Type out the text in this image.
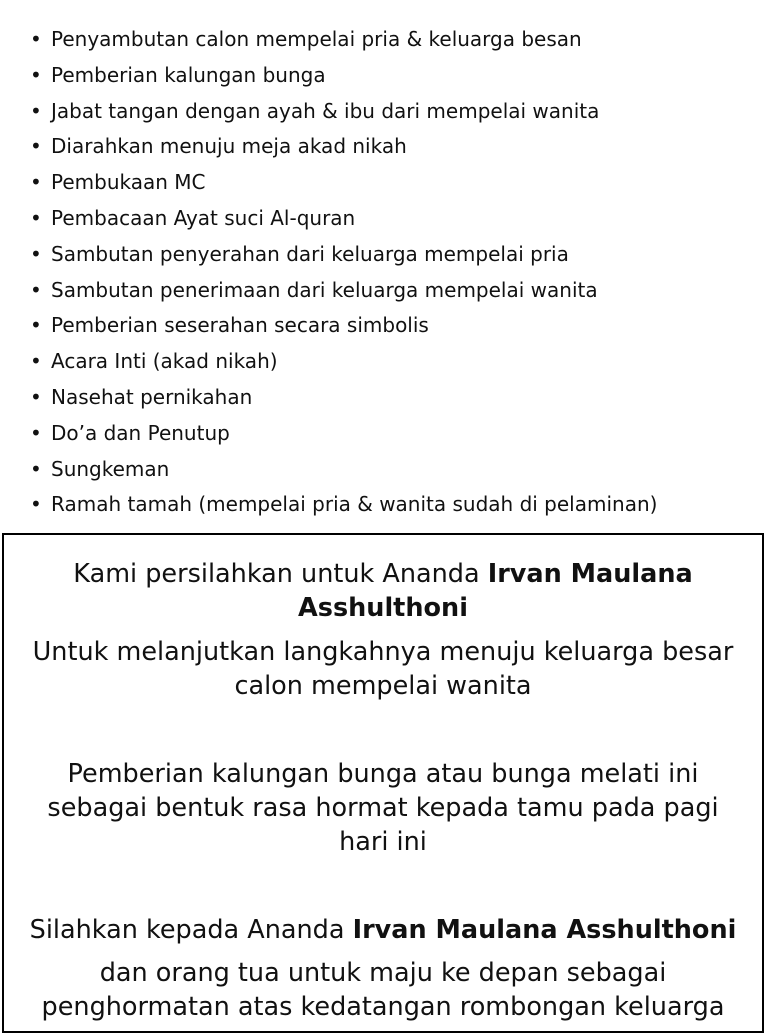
• Penyambutan calon mempelai pria & keluarga besan
• Pemberian kalungan bunga
• Jabat tangan dengan ayah & ibu dari mempelai wanita
• Diarahkan menuju meja akad nikah
• Pembukaan MC
• Pembacaan Ayat suci Al-quran
• Sambutan penyerahan dari keluarga mempelai pria
• Sambutan penerimaan dari keluarga mempelai wanita
• Pemberian seserahan secara simbolis
• Acara Inti (akad nikah)
• Nasehat pernikahan
• Do’a dan Penutup
• Sungkeman
• Ramah tamah (mempelai pria & wanita sudah di pelaminan)
Kami persilahkan untuk Ananda Irvan Maulana Asshulthoni
Untuk melanjutkan langkahnya menuju keluarga besar calon mempelai wanita
Pemberian kalungan bunga atau bunga melati ini sebagai bentuk rasa hormat kepada tamu pada pagi hari ini
Silahkan kepada Ananda Irvan Maulana Asshulthoni
dan orang tua untuk maju ke depan sebagai penghormatan atas kedatangan rombongan keluarga
